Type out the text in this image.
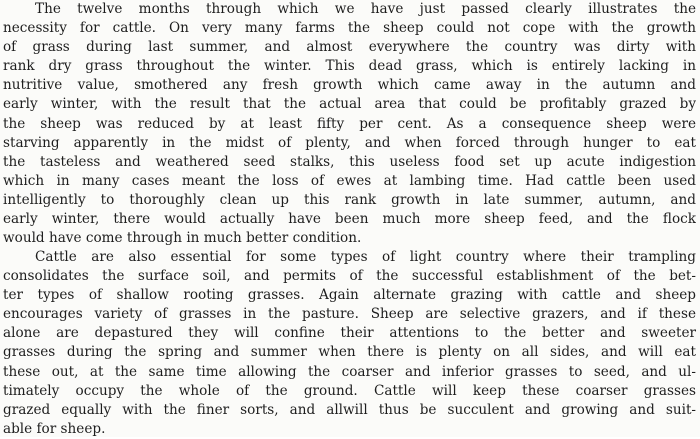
The twelve months through which we have just passed clearly illustrates the
necessity for cattle. On very many farms the sheep could not cope with the growth
of grass during last summer, and almost everywhere the country was dirty with
rank dry grass throughout the winter. This dead grass, which is entirely lacking in
nutritive value, smothered any fresh growth which came away in the autumn and
early winter, with the result that the actual area that could be profitably grazed by
the sheep was reduced by at least fifty per cent. As a consequence sheep were
starving apparently in the midst of plenty, and when forced through hunger to eat
the tasteless and weathered seed stalks, this useless food set up acute indigestion
which in many cases meant the loss of ewes at lambing time. Had cattle been used
intelligently to thoroughly clean up this rank growth in late summer, autumn, and
early winter, there would actually have been much more sheep feed, and the flock
would have come through in much better condition.
Cattle are also essential for some types of light country where their trampling
consolidates the surface soil, and permits of the successful establishment of the bet-
ter types of shallow rooting grasses. Again alternate grazing with cattle and sheep
encourages variety of grasses in the pasture. Sheep are selective grazers, and if these
alone are depastured they will confine their attentions to the better and sweeter
grasses during the spring and summer when there is plenty on all sides, and will eat
these out, at the same time allowing the coarser and inferior grasses to seed, and ul-
timately occupy the whole of the ground. Cattle will keep these coarser grasses
grazed equally with the finer sorts, and allwill thus be succulent and growing and suit-
able for sheep.
